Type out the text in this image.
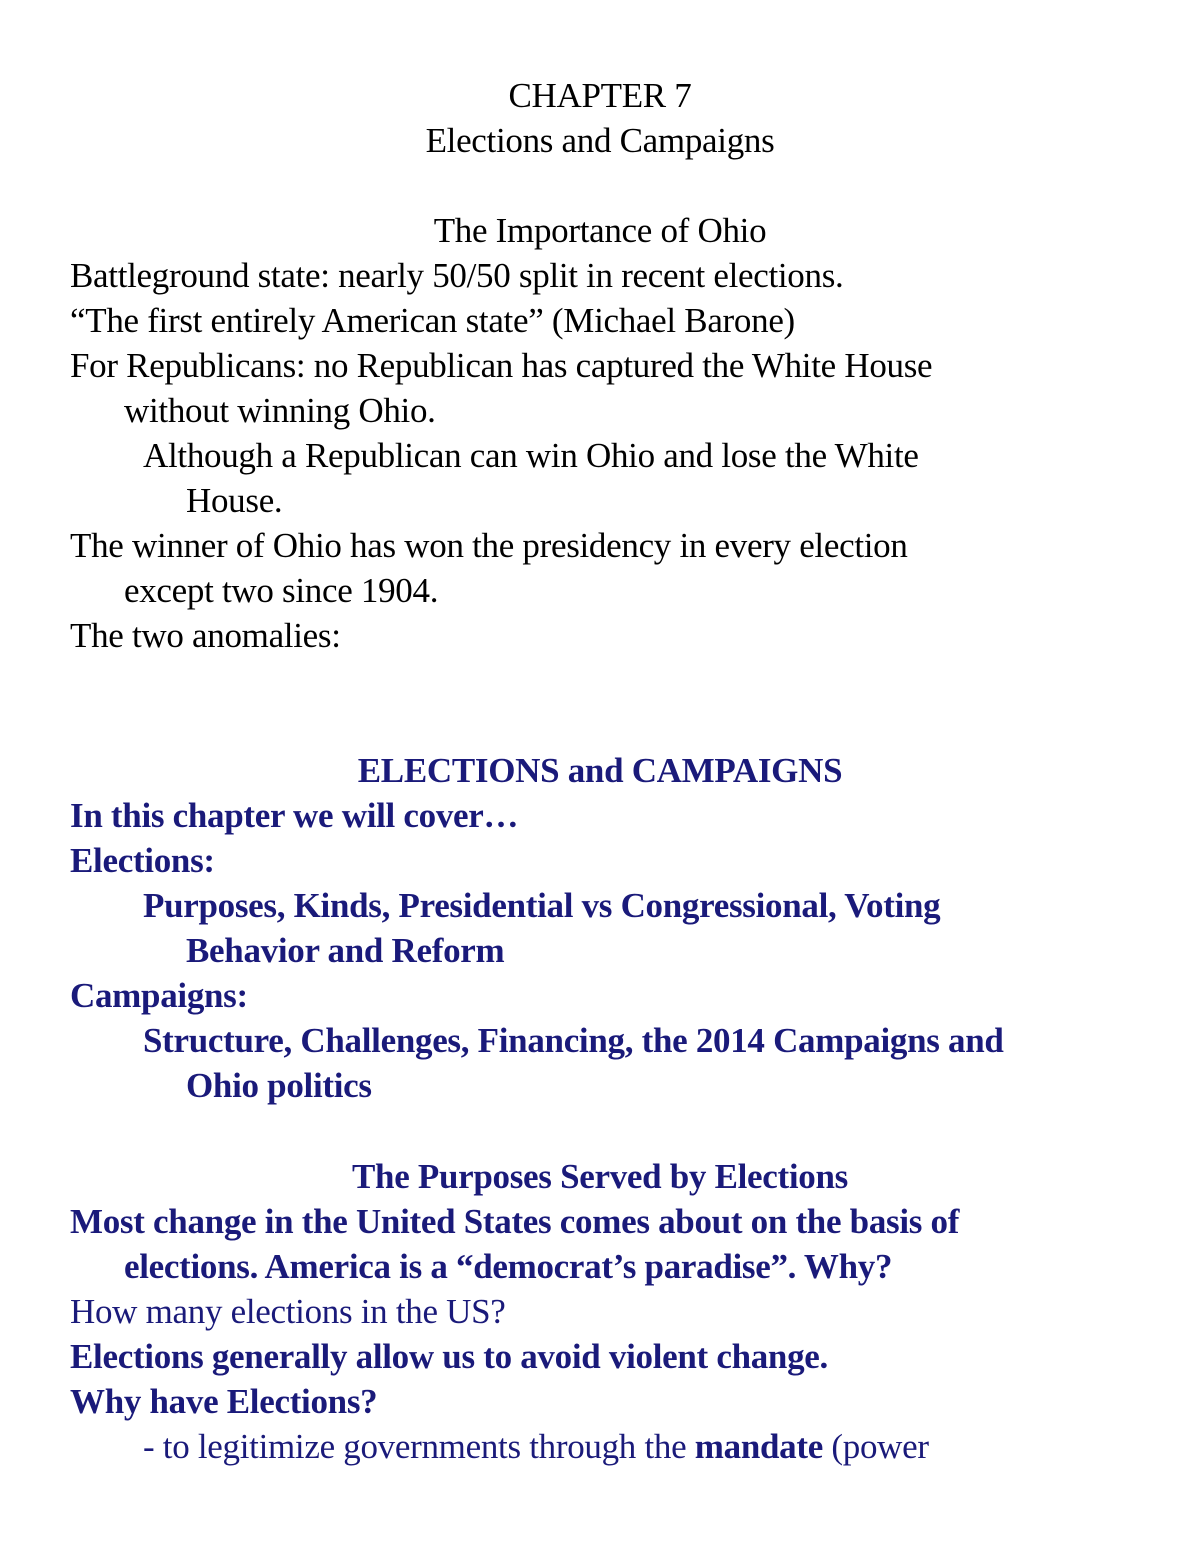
CHAPTER 7
Elections and Campaigns
The Importance of Ohio
Battleground state: nearly 50/50 split in recent elections.
“The first entirely American state” (Michael Barone)
For Republicans: no Republican has captured the White House
without winning Ohio.
Although a Republican can win Ohio and lose the White
House.
The winner of Ohio has won the presidency in every election
except two since 1904.
The two anomalies:
ELECTIONS and CAMPAIGNS
In this chapter we will cover…
Elections:
Purposes, Kinds, Presidential vs Congressional, Voting
Behavior and Reform
Campaigns:
Structure, Challenges, Financing, the 2014 Campaigns and
Ohio politics
The Purposes Served by Elections
Most change in the United States comes about on the basis of
elections. America is a “democrat’s paradise”. Why?
How many elections in the US?
Elections generally allow us to avoid violent change.
Why have Elections?
- to legitimize governments through the mandate (power
